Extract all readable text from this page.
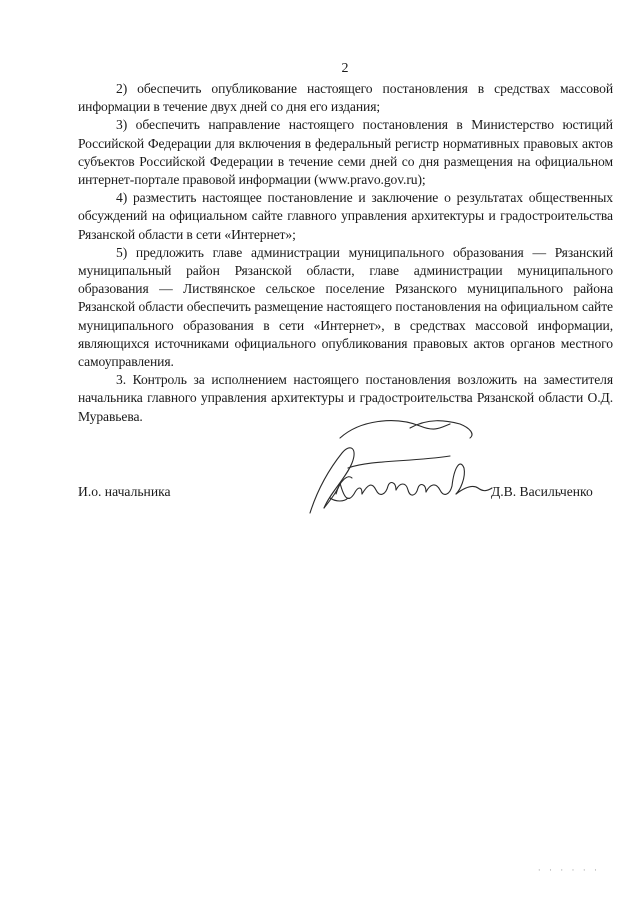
2

2) обеспечить опубликование настоящего постановления в средствах массовой информации в течение двух дней со дня его издания;

3) обеспечить направление настоящего постановления в Министерство юстиций Российской Федерации для включения в федеральный регистр нормативных правовых актов субъектов Российской Федерации в течение семи дней со дня размещения на официальном интернет-портале правовой информации (www.pravo.gov.ru);

4) разместить настоящее постановление и заключение о результатах общественных обсуждений на официальном сайте главного управления архитектуры и градостроительства Рязанской области в сети «Интернет»;

5) предложить главе администрации муниципального образования — Рязанский муниципальный район Рязанской области, главе администрации муниципального образования — Листвянское сельское поселение Рязанского муниципального района Рязанской области обеспечить размещение настоящего постановления на официальном сайте муниципального образования в сети «Интернет», в средствах массовой информации, являющихся источниками официального опубликования правовых актов органов местного самоуправления.

3. Контроль за исполнением настоящего постановления возложить на заместителя начальника главного управления архитектуры и градостроительства Рязанской области О.Д. Муравьева.

И.о. начальника	Д.В. Васильченко
· · · · · ·
